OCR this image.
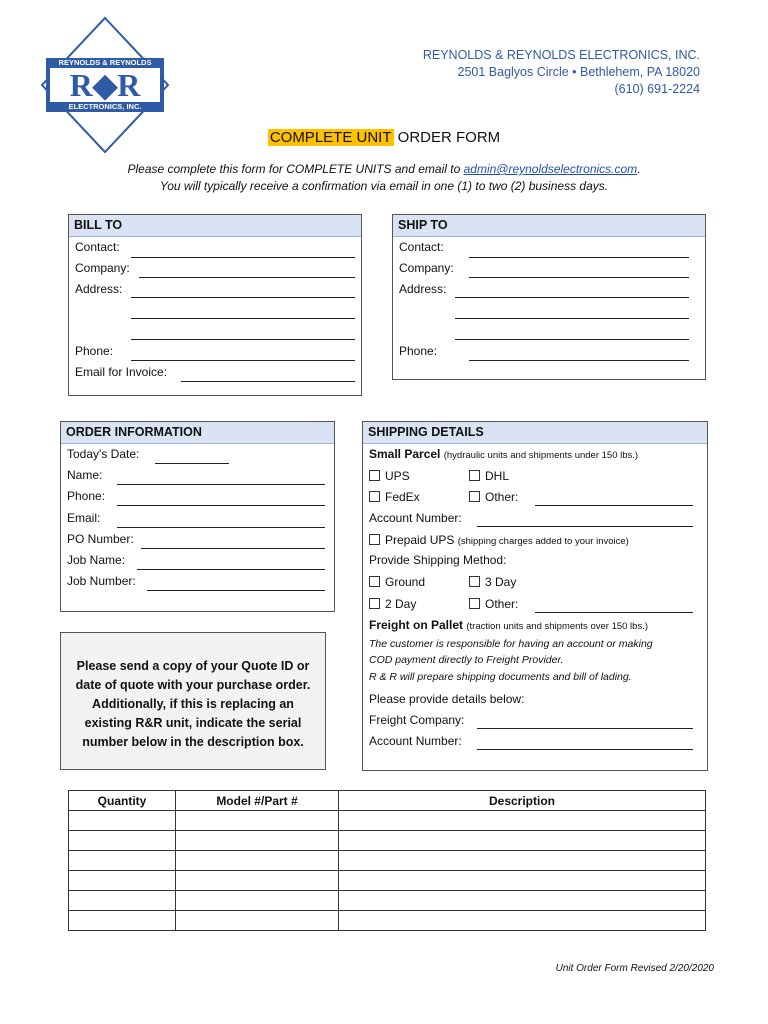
REYNOLDS & REYNOLDS
R◆R
ELECTRONICS, INC.
REYNOLDS & REYNOLDS ELECTRONICS, INC.
2501 Baglyos Circle • Bethlehem, PA 18020
(610) 691-2224
COMPLETE UNIT ORDER FORM
Please complete this form for COMPLETE UNITS and email to admin@reynoldselectronics.com.
You will typically receive a confirmation via email in one (1) to two (2) business days.
BILL TO
Contact:
Company:
Address:
Phone:
Email for Invoice:
SHIP TO
Contact:
Company:
Address:
Phone:
ORDER INFORMATION
Today's Date:
Name:
Phone:
Email:
PO Number:
Job Name:
Job Number:
SHIPPING DETAILS
Small Parcel (hydraulic units and shipments under 150 lbs.)
UPS	DHL
FedEx	Other:
Account Number:
Prepaid UPS (shipping charges added to your invoice)
Provide Shipping Method:
Ground	3 Day
2 Day	Other:
Freight on Pallet (traction units and shipments over 150 lbs.)
The customer is responsible for having an account or making
COD payment directly to Freight Provider.
R & R will prepare shipping documents and bill of lading.
Please provide details below:
Freight Company:
Account Number:
Please send a copy of your Quote ID or
date of quote with your purchase order.
Additionally, if this is replacing an
existing R&R unit, indicate the serial
number below in the description box.
Quantity	Model #/Part #	Description

Unit Order Form Revised 2/20/2020
